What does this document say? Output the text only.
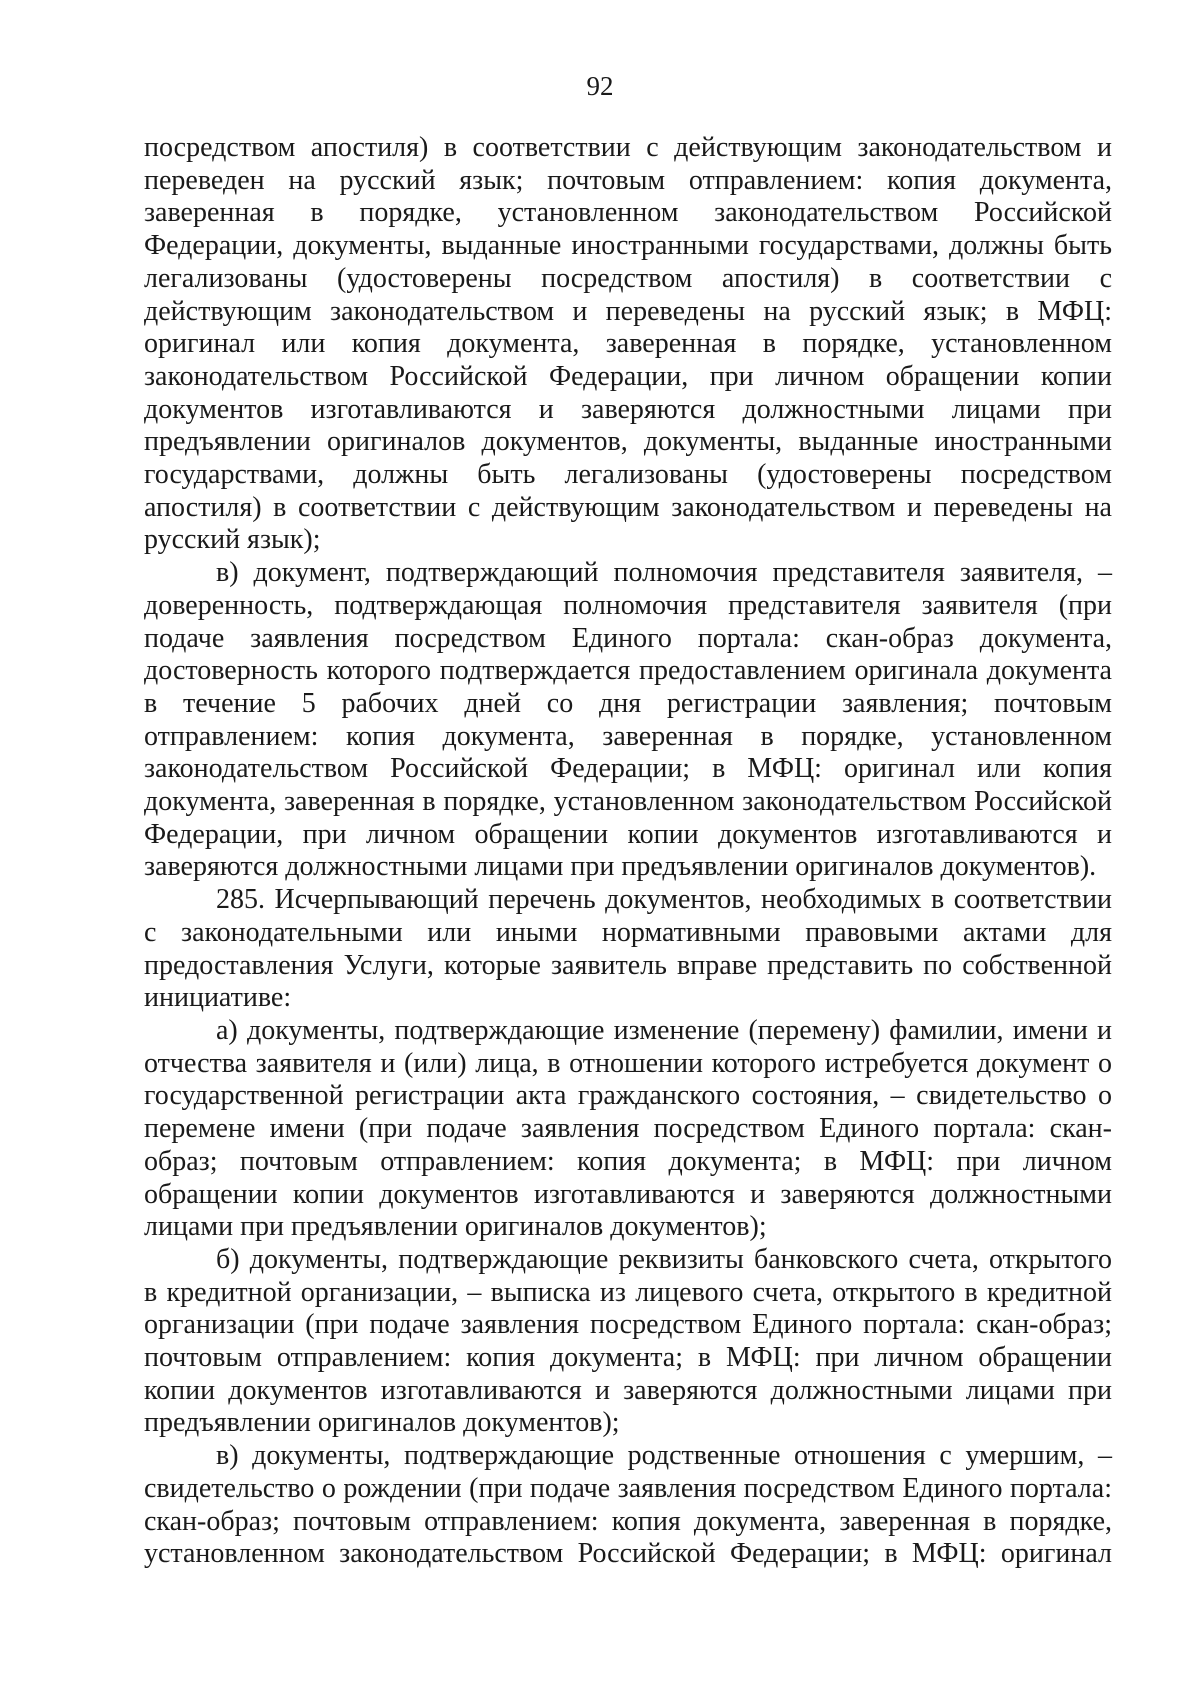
92

посредством апостиля) в соответствии с действующим законодательством и переведен на русский язык; почтовым отправлением: копия документа, заверенная в порядке, установленном законодательством Российской Федерации, документы, выданные иностранными государствами, должны быть легализованы (удостоверены посредством апостиля) в соответствии с действующим законодательством и переведены на русский язык; в МФЦ: оригинал или копия документа, заверенная в порядке, установленном законодательством Российской Федерации, при личном обращении копии документов изготавливаются и заверяются должностными лицами при предъявлении оригиналов документов, документы, выданные иностранными государствами, должны быть легализованы (удостоверены посредством апостиля) в соответствии с действующим законодательством и переведены на русский язык);

в) документ, подтверждающий полномочия представителя заявителя, – доверенность, подтверждающая полномочия представителя заявителя (при подаче заявления посредством Единого портала: скан-образ документа, достоверность которого подтверждается предоставлением оригинала документа в течение 5 рабочих дней со дня регистрации заявления; почтовым отправлением: копия документа, заверенная в порядке, установленном законодательством Российской Федерации; в МФЦ: оригинал или копия документа, заверенная в порядке, установленном законодательством Российской Федерации, при личном обращении копии документов изготавливаются и заверяются должностными лицами при предъявлении оригиналов документов).

285. Исчерпывающий перечень документов, необходимых в соответствии с законодательными или иными нормативными правовыми актами для предоставления Услуги, которые заявитель вправе представить по собственной инициативе:

а) документы, подтверждающие изменение (перемену) фамилии, имени и отчества заявителя и (или) лица, в отношении которого истребуется документ о государственной регистрации акта гражданского состояния, – свидетельство о перемене имени (при подаче заявления посредством Единого портала: скан-образ; почтовым отправлением: копия документа; в МФЦ: при личном обращении копии документов изготавливаются и заверяются должностными лицами при предъявлении оригиналов документов);

б) документы, подтверждающие реквизиты банковского счета, открытого в кредитной организации, – выписка из лицевого счета, открытого в кредитной организации (при подаче заявления посредством Единого портала: скан-образ; почтовым отправлением: копия документа; в МФЦ: при личном обращении копии документов изготавливаются и заверяются должностными лицами при предъявлении оригиналов документов);

в) документы, подтверждающие родственные отношения с умершим, – свидетельство о рождении (при подаче заявления посредством Единого портала: скан-образ; почтовым отправлением: копия документа, заверенная в порядке, установленном законодательством Российской Федерации; в МФЦ: оригинал
